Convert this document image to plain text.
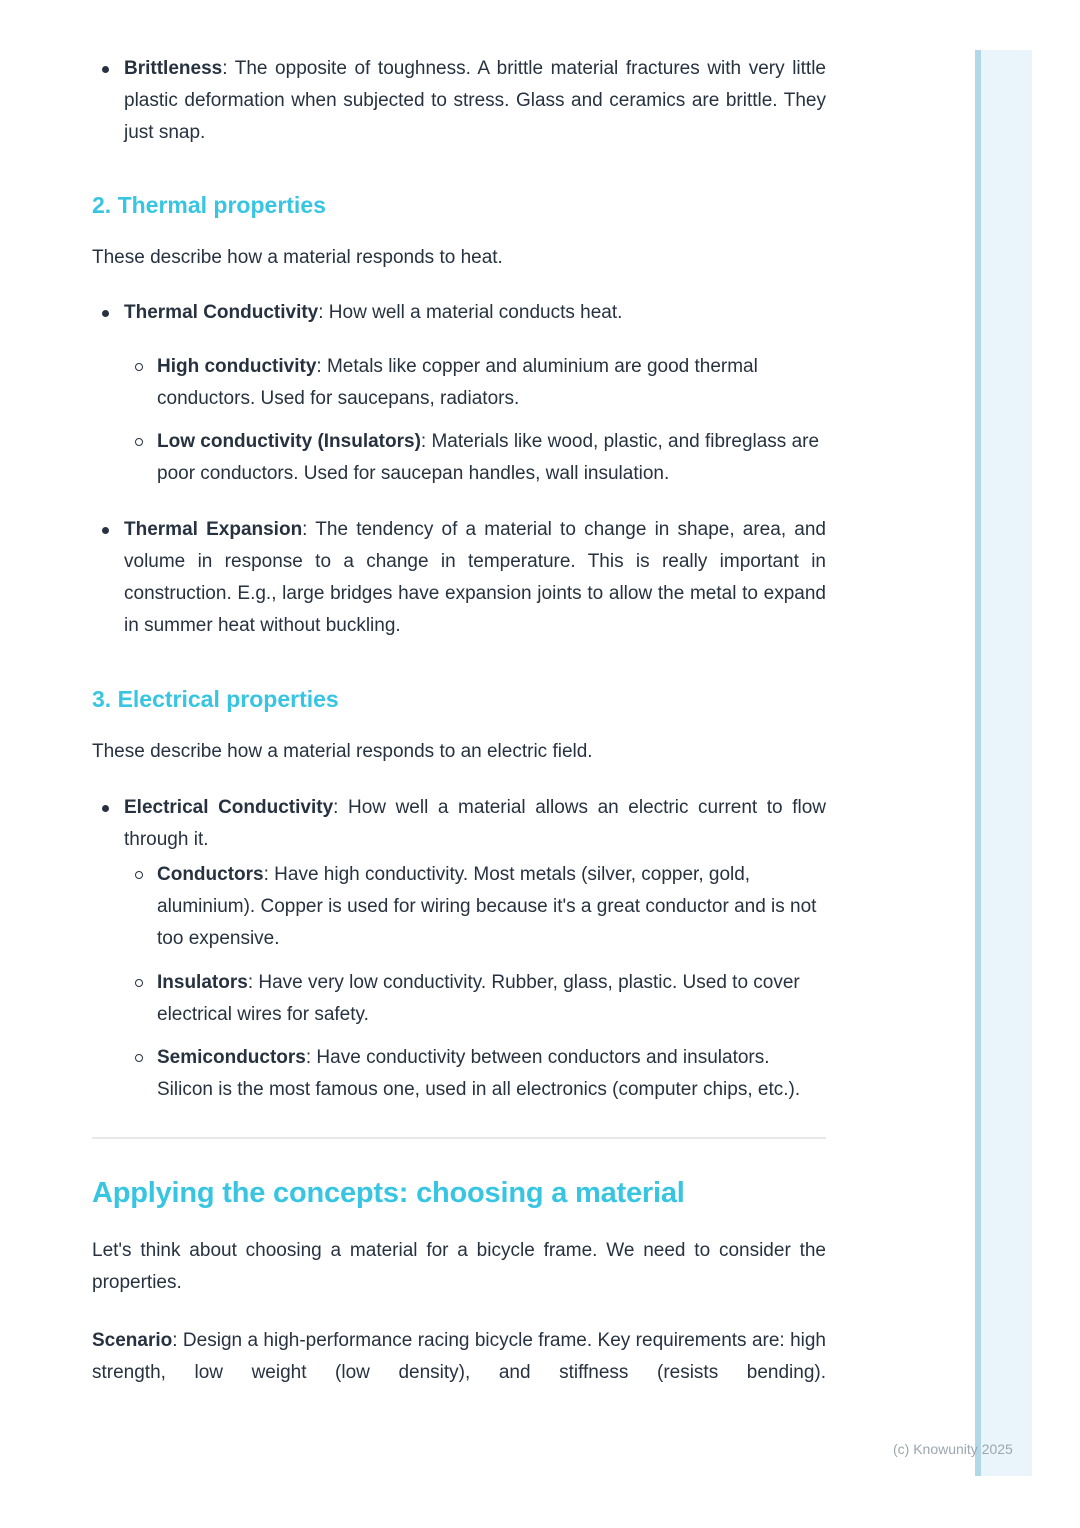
(c) Knowunity 2025
Brittleness: The opposite of toughness. A brittle material fractures with very little plastic deformation when subjected to stress. Glass and ceramics are brittle. They just snap.
2. Thermal properties

These describe how a material responds to heat.

Thermal Conductivity: How well a material conducts heat.
High conductivity: Metals like copper and aluminium are good thermal conductors. Used for saucepans, radiators.
Low conductivity (Insulators): Materials like wood, plastic, and fibreglass are poor conductors. Used for saucepan handles, wall insulation.
Thermal Expansion: The tendency of a material to change in shape, area, and volume in response to a change in temperature. This is really important in construction. E.g., large bridges have expansion joints to allow the metal to expand in summer heat without buckling.
3. Electrical properties

These describe how a material responds to an electric field.

Electrical Conductivity: How well a material allows an electric current to flow through it.
Conductors: Have high conductivity. Most metals (silver, copper, gold, aluminium). Copper is used for wiring because it's a great conductor and is not too expensive.
Insulators: Have very low conductivity. Rubber, glass, plastic. Used to cover electrical wires for safety.
Semiconductors: Have conductivity between conductors and insulators. Silicon is the most famous one, used in all electronics (computer chips, etc.).
Applying the concepts: choosing a material

Let's think about choosing a material for a bicycle frame. We need to consider the properties.

Scenario: Design a high-performance racing bicycle frame. Key requirements are: high strength, low weight (low density), and stiffness (resists bending).
